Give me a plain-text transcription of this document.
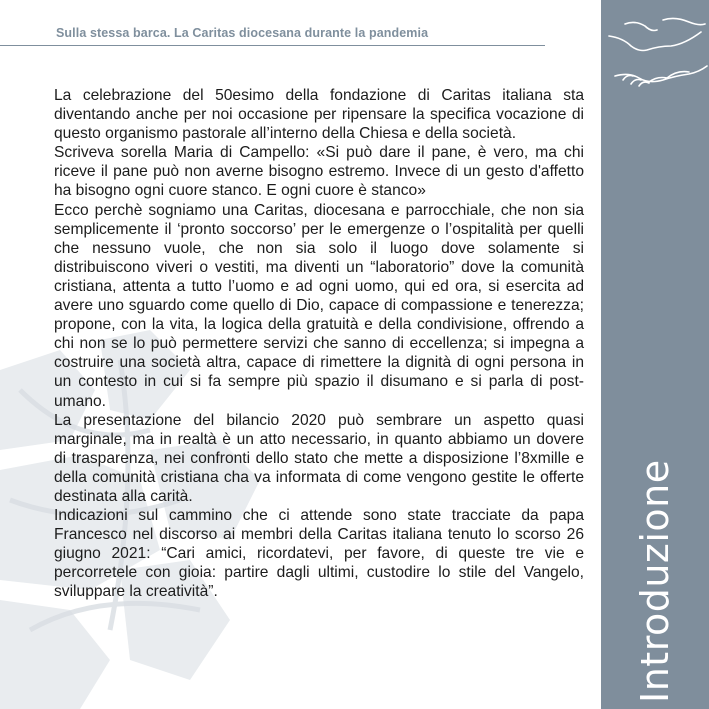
Sulla stessa barca. La Caritas diocesana durante la pandemia
Introduzione

La celebrazione del 50esimo della fondazione di Caritas italiana sta diventando anche per noi occasione per ripensare la specifica vocazione di questo organismo pastorale all’interno della Chiesa e della società.

Scriveva sorella Maria di Campello: «Si può dare il pane, è vero, ma chi riceve il pane può non averne bisogno estremo. Invece di un gesto d'affetto ha bisogno ogni cuore stanco. E ogni cuore è stanco»

Ecco perchè sogniamo una Caritas, diocesana e parrocchiale, che non sia semplicemente il ‘pronto soccorso’ per le emergenze o l’ospitalità per quelli che nessuno vuole, che non sia solo il luogo dove solamente si distribuiscono viveri o vestiti, ma diventi un “laboratorio” dove la comunità cristiana, attenta a tutto l’uomo e ad ogni uomo, qui ed ora, si esercita ad avere uno sguardo come quello di Dio, capace di compassione e tenerezza; propone, con la vita, la logica della gratuità e della condivisione, offrendo a chi non se lo può permettere servizi che sanno di eccellenza; si impegna a costruire una società altra, capace di rimettere la dignità di ogni persona in un contesto in cui si fa sempre più spazio il disumano e si parla di post-umano.

La presentazione del bilancio 2020 può sembrare un aspetto quasi marginale, ma in realtà è un atto necessario, in quanto abbiamo un dovere di trasparenza, nei confronti dello stato che mette a disposizione l’8xmille e della comunità cristiana cha va informata di come vengono gestite le offerte destinata alla carità.

Indicazioni sul cammino che ci attende sono state tracciate da papa Francesco nel discorso ai membri della Caritas italiana tenuto lo scorso 26 giugno 2021: “Cari amici, ricordatevi, per favore, di queste tre vie e percorretele con gioia: partire dagli ultimi, custodire lo stile del Vangelo, sviluppare la creatività”.
